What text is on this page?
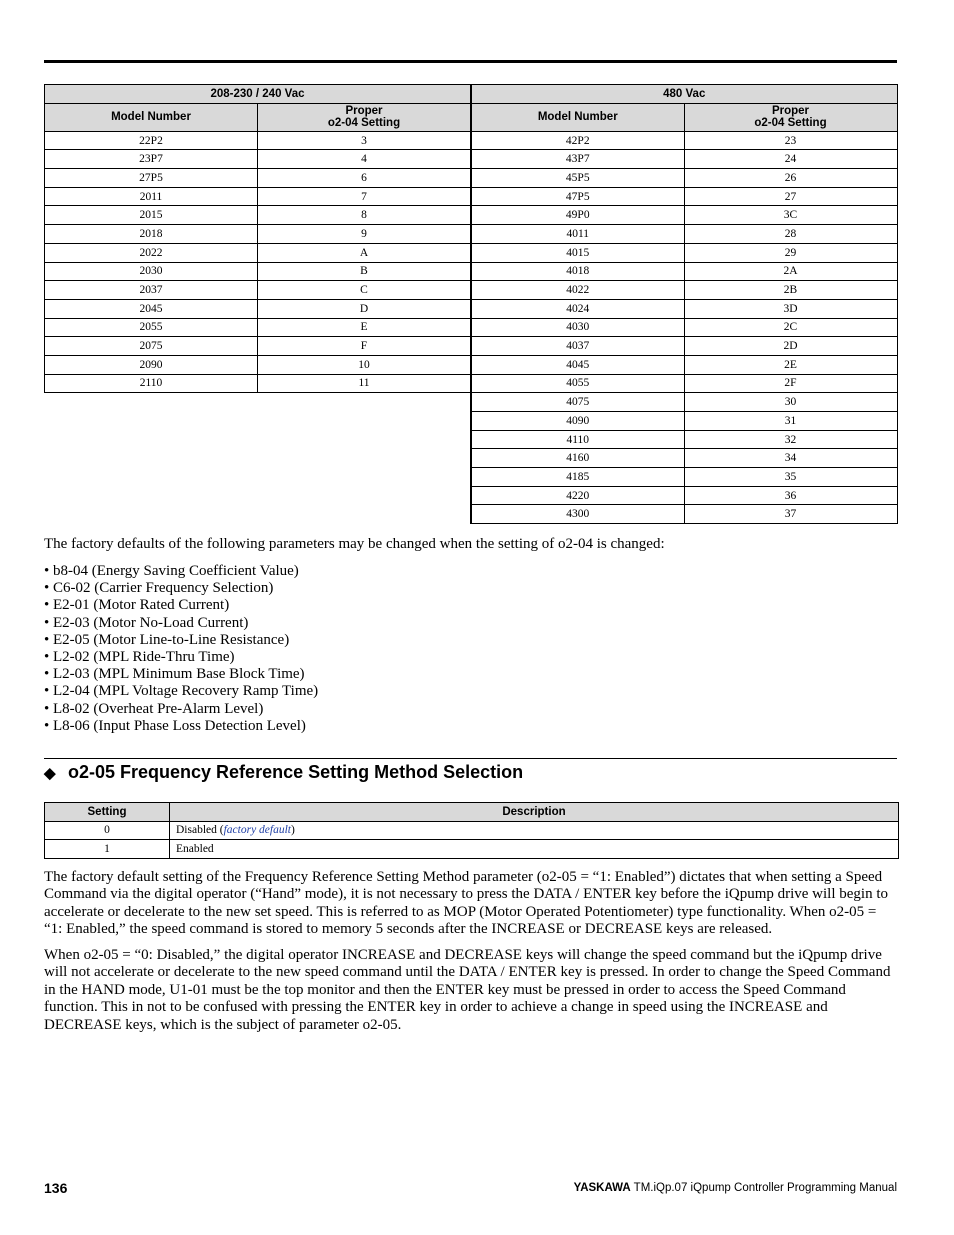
208-230 / 240 Vac	
Model Number	Proper
o2-04 Setting
22P2	3
23P7	4
27P5	6
2011	7
2015	8
2018	9
2022	A
2030	B
2037	C
2045	D
2055	E
2075	F
2090	10
2110	11
480 Vac	
Model Number	Proper
o2-04 Setting
42P2	23
43P7	24
45P5	26
47P5	27
49P0	3C
4011	28
4015	29
4018	2A
4022	2B
4024	3D
4030	2C
4037	2D
4045	2E
4055	2F
4075	30
4090	31
4110	32
4160	34
4185	35
4220	36
4300	37

The factory defaults of the following parameters may be changed when the setting of o2-04 is changed:

• b8-04 (Energy Saving Coefficient Value)
• C6-02 (Carrier Frequency Selection)
• E2-01 (Motor Rated Current)
• E2-03 (Motor No-Load Current)
• E2-05 (Motor Line-to-Line Resistance)
• L2-02 (MPL Ride-Thru Time)
• L2-03 (MPL Minimum Base Block Time)
• L2-04 (MPL Voltage Recovery Ramp Time)
• L8-02 (Overheat Pre-Alarm Level)
• L8-06 (Input Phase Loss Detection Level)
◆ o2-05 Frequency Reference Setting Method Selection
Setting	Description
0	Disabled (factory default)
1	Enabled

The factory default setting of the Frequency Reference Setting Method parameter (o2-05 = “1: Enabled”) dictates that when setting a Speed Command via the digital operator (“Hand” mode), it is not necessary to press the DATA / ENTER key before the iQpump drive will begin to accelerate or decelerate to the new set speed. This is referred to as MOP (Motor Operated Potentiometer) type functionality. When o2-05 = “1: Enabled,” the speed command is stored to memory 5 seconds after the INCREASE or DECREASE keys are released.

When o2-05 = “0: Disabled,” the digital operator INCREASE and DECREASE keys will change the speed command but the iQpump drive will not accelerate or decelerate to the new speed command until the DATA / ENTER key is pressed. In order to change the Speed Command in the HAND mode, U1-01 must be the top monitor and then the ENTER key must be pressed in order to access the Speed Command function. This in not to be confused with pressing the ENTER key in order to achieve a change in speed using the INCREASE and DECREASE keys, which is the subject of parameter o2-05.

136	YASKAWA TM.iQp.07 iQpump Controller Programming Manual
